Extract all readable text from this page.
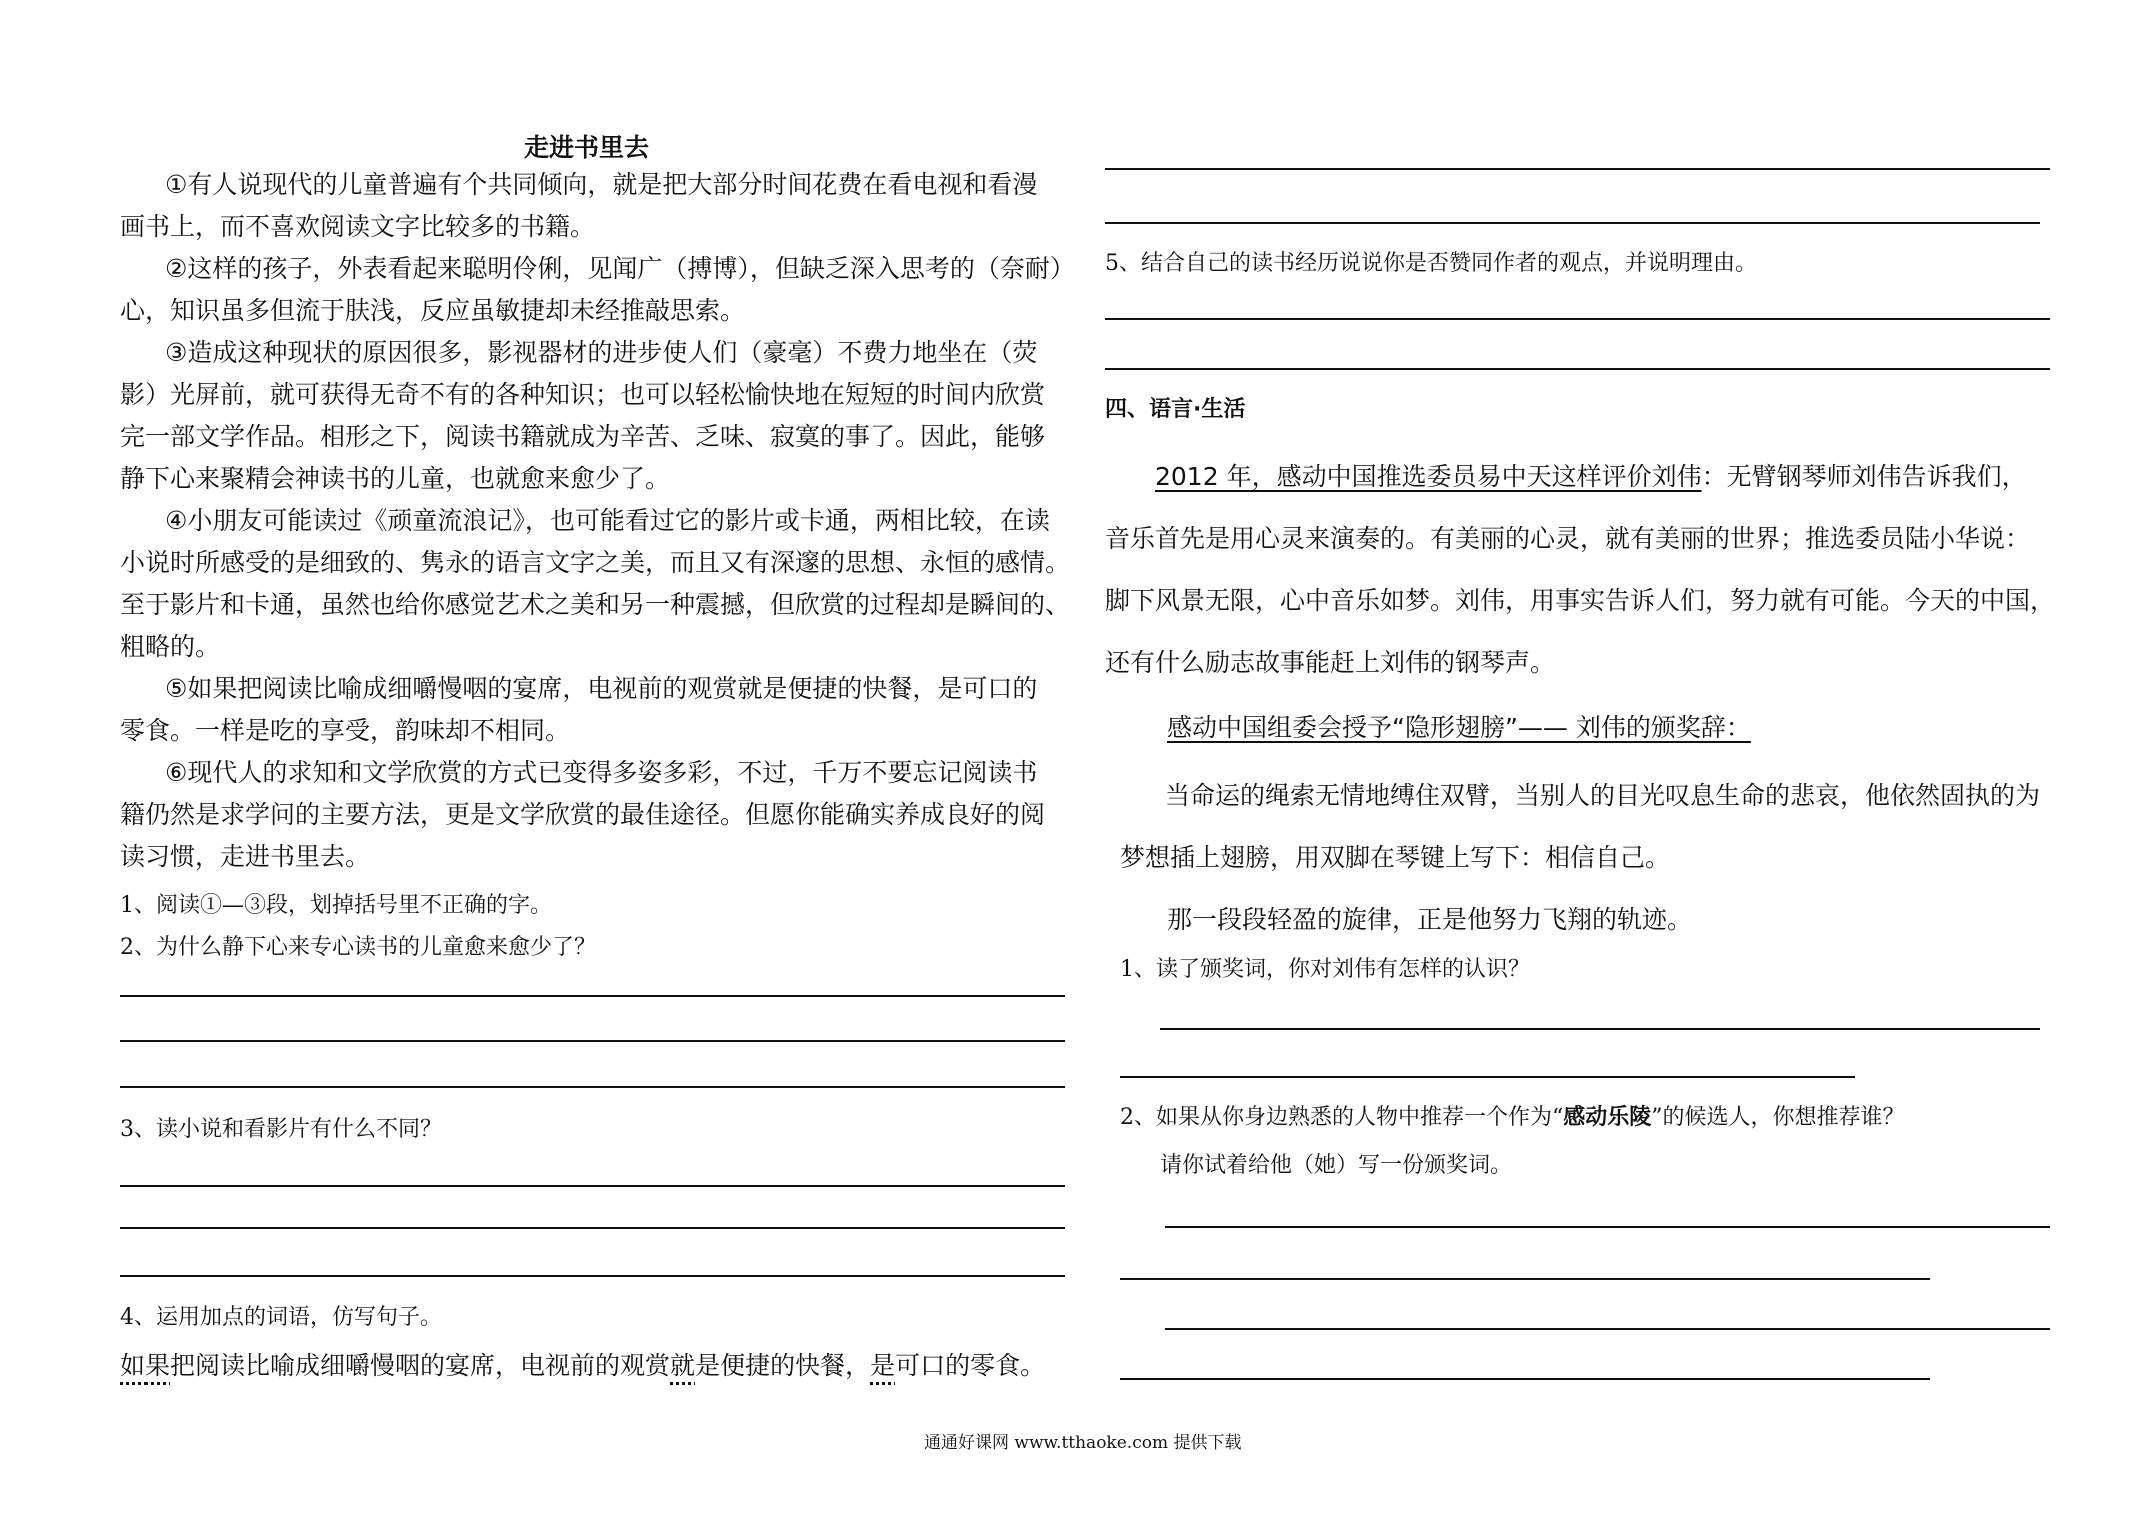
走进书里去
①有人说现代的儿童普遍有个共同倾向，就是把大部分时间花费在看电视和看漫
画书上，而不喜欢阅读文字比较多的书籍。
②这样的孩子，外表看起来聪明伶俐，见闻广（搏博），但缺乏深入思考的（奈耐）
心，知识虽多但流于肤浅，反应虽敏捷却未经推敲思索。
③造成这种现状的原因很多，影视器材的进步使人们（豪毫）不费力地坐在（荧
影）光屏前，就可获得无奇不有的各种知识；也可以轻松愉快地在短短的时间内欣赏
完一部文学作品。相形之下，阅读书籍就成为辛苦、乏味、寂寞的事了。因此，能够
静下心来聚精会神读书的儿童，也就愈来愈少了。
④小朋友可能读过《顽童流浪记》，也可能看过它的影片或卡通，两相比较，在读
小说时所感受的是细致的、隽永的语言文字之美，而且又有深邃的思想、永恒的感情。
至于影片和卡通，虽然也给你感觉艺术之美和另一种震撼，但欣赏的过程却是瞬间的、
粗略的。
⑤如果把阅读比喻成细嚼慢咽的宴席，电视前的观赏就是便捷的快餐，是可口的
零食。一样是吃的享受，韵味却不相同。
⑥现代人的求知和文学欣赏的方式已变得多姿多彩，不过，千万不要忘记阅读书
籍仍然是求学问的主要方法，更是文学欣赏的最佳途径。但愿你能确实养成良好的阅
读习惯，走进书里去。
1、阅读①—③段，划掉括号里不正确的字。
2、为什么静下心来专心读书的儿童愈来愈少了？
3、读小说和看影片有什么不同？
4、运用加点的词语，仿写句子。
如果把阅读比喻成细嚼慢咽的宴席，电视前的观赏就是便捷的快餐，是可口的零食。
5、结合自己的读书经历说说你是否赞同作者的观点，并说明理由。
四、语言·生活
2012 年，感动中国推选委员易中天这样评价刘伟：无臂钢琴师刘伟告诉我们，
音乐首先是用心灵来演奏的。有美丽的心灵，就有美丽的世界；推选委员陆小华说：
脚下风景无限，心中音乐如梦。刘伟，用事实告诉人们，努力就有可能。今天的中国，
还有什么励志故事能赶上刘伟的钢琴声。
感动中国组委会授予“隐形翅膀”—— 刘伟的颁奖辞：
当命运的绳索无情地缚住双臂，当别人的目光叹息生命的悲哀，他依然固执的为
梦想插上翅膀，用双脚在琴键上写下：相信自己。
那一段段轻盈的旋律，正是他努力飞翔的轨迹。
1、读了颁奖词，你对刘伟有怎样的认识？
2、如果从你身边熟悉的人物中推荐一个作为“感动乐陵”的候选人，你想推荐谁？
请你试着给他（她）写一份颁奖词。
通通好课网 www.tthaoke.com 提供下载
